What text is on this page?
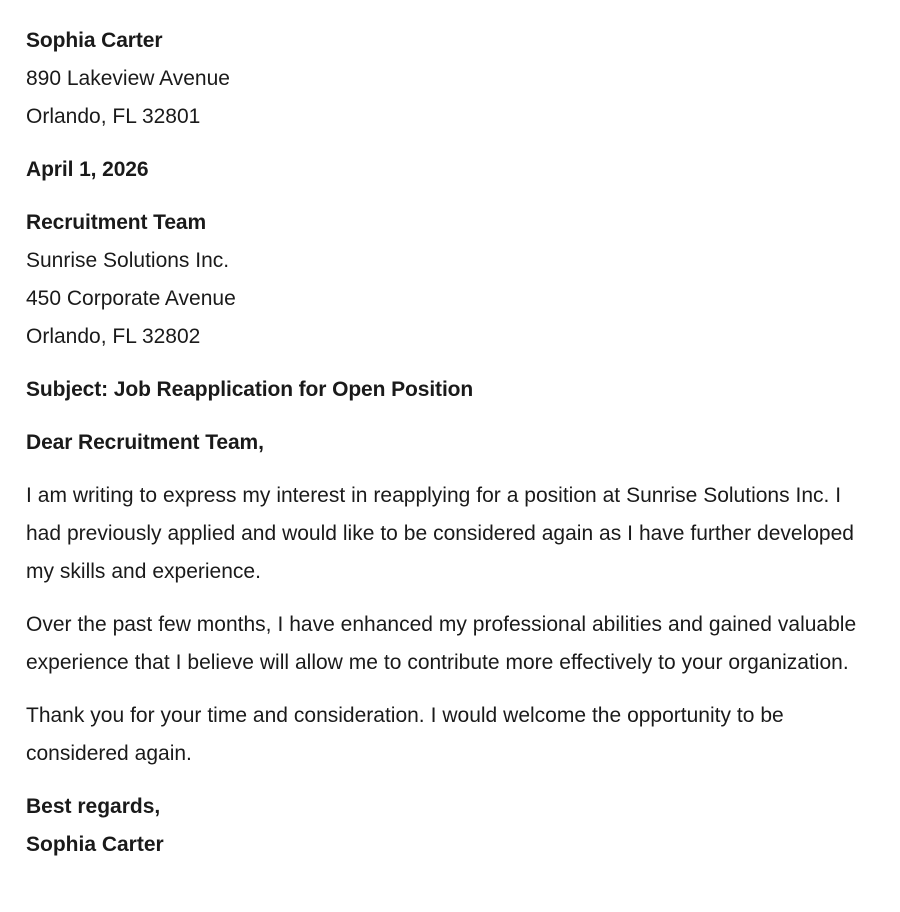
Sophia Carter
890 Lakeview Avenue
Orlando, FL 32801
April 1, 2026
Recruitment Team
Sunrise Solutions Inc.
450 Corporate Avenue
Orlando, FL 32802
Subject: Job Reapplication for Open Position
Dear Recruitment Team,

I am writing to express my interest in reapplying for a position at Sunrise Solutions Inc. I had previously applied and would like to be considered again as I have further developed my skills and experience.

Over the past few months, I have enhanced my professional abilities and gained valuable experience that I believe will allow me to contribute more effectively to your organization.

Thank you for your time and consideration. I would welcome the opportunity to be considered again.

Best regards,
Sophia Carter
